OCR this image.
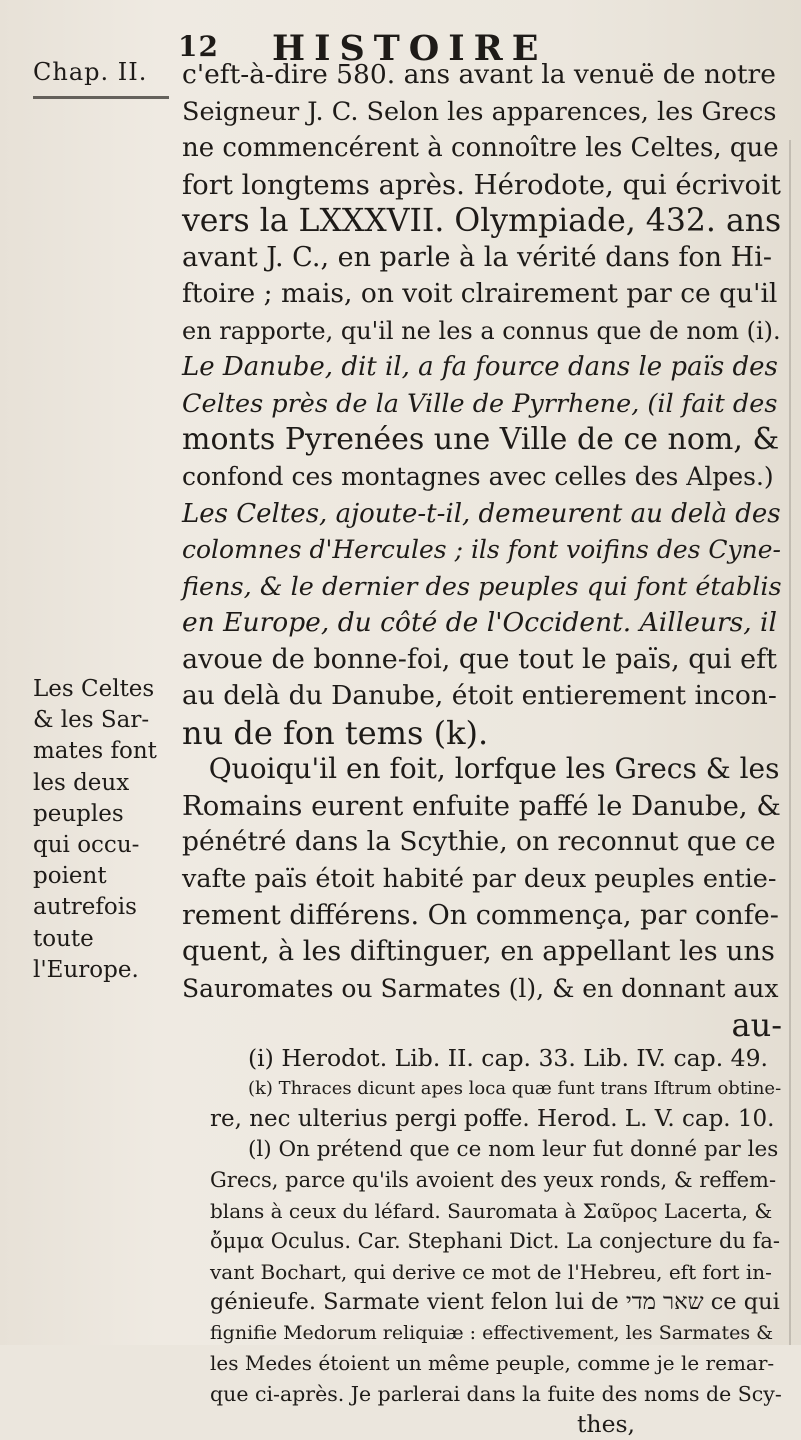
12 HISTOIRE
Chap. II. c'eft-à-dire 580. ans avant la venuë de notre
Seigneur J. C. Selon les apparences, les Grecs
ne commencérent à connoître les Celtes, que
fort longtems après. Hérodote, qui écrivoit
vers la LXXXVII. Olympiade, 432. ans
avant J. C., en parle à la vérité dans fon Hi-
ftoire ; mais, on voit clrairement par ce qu'il
en rapporte, qu'il ne les a connus que de nom (i).
Le Danube, dit il, a fa fource dans le païs des
Celtes près de la Ville de Pyrrhene, (il fait des
monts Pyrenées une Ville de ce nom, &
confond ces montagnes avec celles des Alpes.)
Les Celtes, ajoute-t-il, demeurent au delà des
colomnes d'Hercules ; ils font voifins des Cyne-
fiens, & le dernier des peuples qui font établis
en Europe, du côté de l'Occident. Ailleurs, il
avoue de bonne-foi, que tout le païs, qui eft
au delà du Danube, étoit entierement incon-
nu de fon tems (k).
Quoiqu'il en foit, lorfque les Grecs & les
Romains eurent enfuite paffé le Danube, &
pénétré dans la Scythie, on reconnut que ce
vafte païs étoit habité par deux peuples entie-
rement différens. On commença, par confe-
quent, à les diftinguer, en appellant les uns
Sauromates ou Sarmates (l), & en donnant aux
au-
Les Celtes
& les Sar-
mates font
les deux
peuples
qui occu-
poient
autrefois
toute
l'Europe.
(i) Herodot. Lib. II. cap. 33. Lib. IV. cap. 49.
(k) Thraces dicunt apes loca quæ funt trans Iftrum obtine-
re, nec ulterius pergi poffe. Herod. L. V. cap. 10.
(l) On prétend que ce nom leur fut donné par les
Grecs, parce qu'ils avoient des yeux ronds, & reffem-
blans à ceux du léfard. Sauromata à Σαῦρος Lacerta, &
ὄμμα Oculus. Car. Stephani Dict. La conjecture du fa-
vant Bochart, qui derive ce mot de l'Hebreu, eft fort in-
génieufe. Sarmate vient felon lui de שאר מדי ce qui
fignifie Medorum reliquiæ : effectivement, les Sarmates &
les Medes étoient un même peuple, comme je le remar-
que ci-après. Je parlerai dans la fuite des noms de Scy-
thes,
